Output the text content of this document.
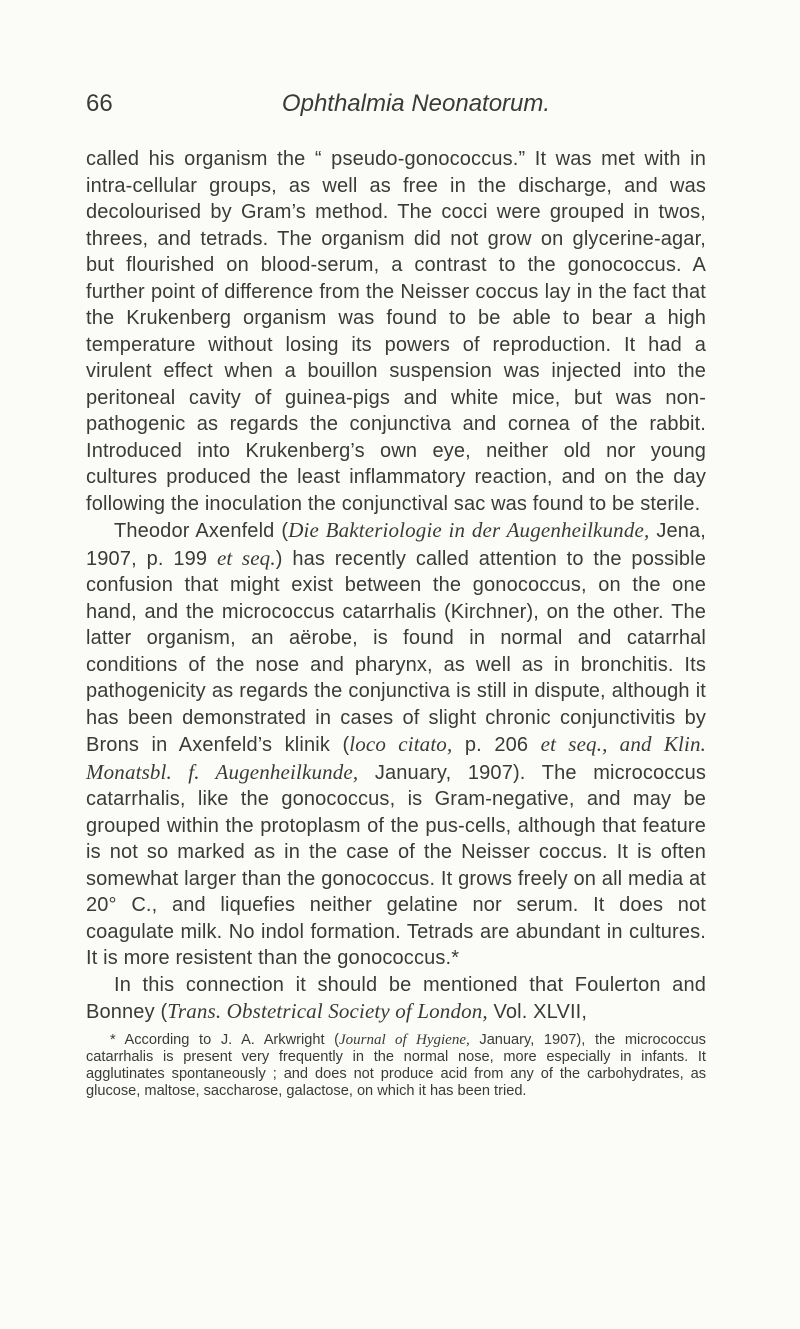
66	Ophthalmia Neonatorum.

called his organism the “ pseudo-gonococcus.” It was met with in intra-cellular groups, as well as free in the discharge, and was decolourised by Gram’s method. The cocci were grouped in twos, threes, and tetrads. The organism did not grow on glycerine-agar, but flourished on blood-serum, a contrast to the gonococcus. A further point of difference from the Neisser coccus lay in the fact that the Krukenberg organism was found to be able to bear a high temperature without losing its powers of reproduction. It had a virulent effect when a bouillon suspension was injected into the peritoneal cavity of guinea-pigs and white mice, but was non-pathogenic as regards the conjunctiva and cornea of the rabbit. Introduced into Krukenberg’s own eye, neither old nor young cultures produced the least inflammatory reaction, and on the day following the inoculation the conjunctival sac was found to be sterile.

Theodor Axenfeld (Die Bakteriologie in der Augenheilkunde, Jena, 1907, p. 199 et seq.) has recently called attention to the possible confusion that might exist between the gonococcus, on the one hand, and the micrococcus catarrhalis (Kirchner), on the other. The latter organism, an aërobe, is found in normal and catarrhal conditions of the nose and pharynx, as well as in bronchitis. Its pathogenicity as regards the conjunctiva is still in dispute, although it has been demonstrated in cases of slight chronic conjunctivitis by Brons in Axenfeld’s klinik (loco citato, p. 206 et seq., and Klin. Monatsbl. f. Augenheilkunde, January, 1907). The micrococcus catarrhalis, like the gonococcus, is Gram-negative, and may be grouped within the protoplasm of the pus-cells, although that feature is not so marked as in the case of the Neisser coccus. It is often somewhat larger than the gonococcus. It grows freely on all media at 20° C., and liquefies neither gelatine nor serum. It does not coagulate milk. No indol formation. Tetrads are abundant in cultures. It is more resistent than the gonococcus.*

In this connection it should be mentioned that Foulerton and Bonney (Trans. Obstetrical Society of London, Vol. XLVII,

* According to J. A. Arkwright (Journal of Hygiene, January, 1907), the micrococcus catarrhalis is present very frequently in the normal nose, more especially in infants. It agglutinates spontaneously ; and does not produce acid from any of the carbohydrates, as glucose, maltose, saccharose, galactose, on which it has been tried.
